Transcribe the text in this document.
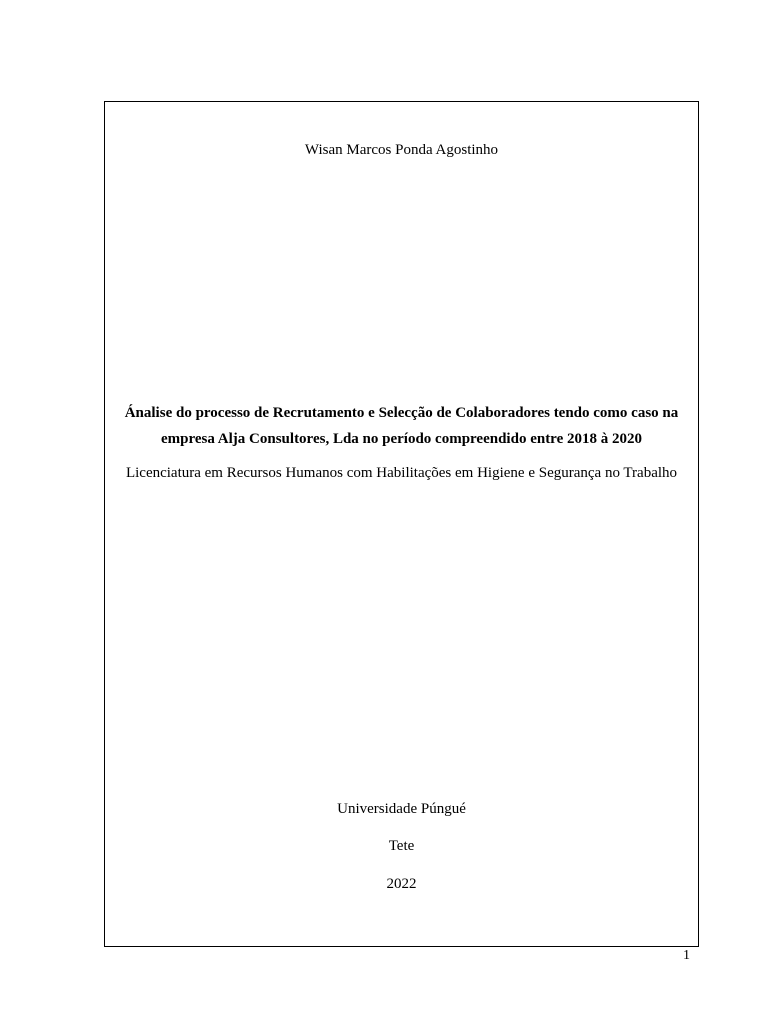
Wisan Marcos Ponda Agostinho
Ánalise do processo de Recrutamento e Selecção de Colaboradores tendo como caso na
empresa Alja Consultores, Lda no período compreendido entre 2018 à 2020
Licenciatura em Recursos Humanos com Habilitações em Higiene e Segurança no Trabalho
Universidade Púngué
Tete
2022
1
